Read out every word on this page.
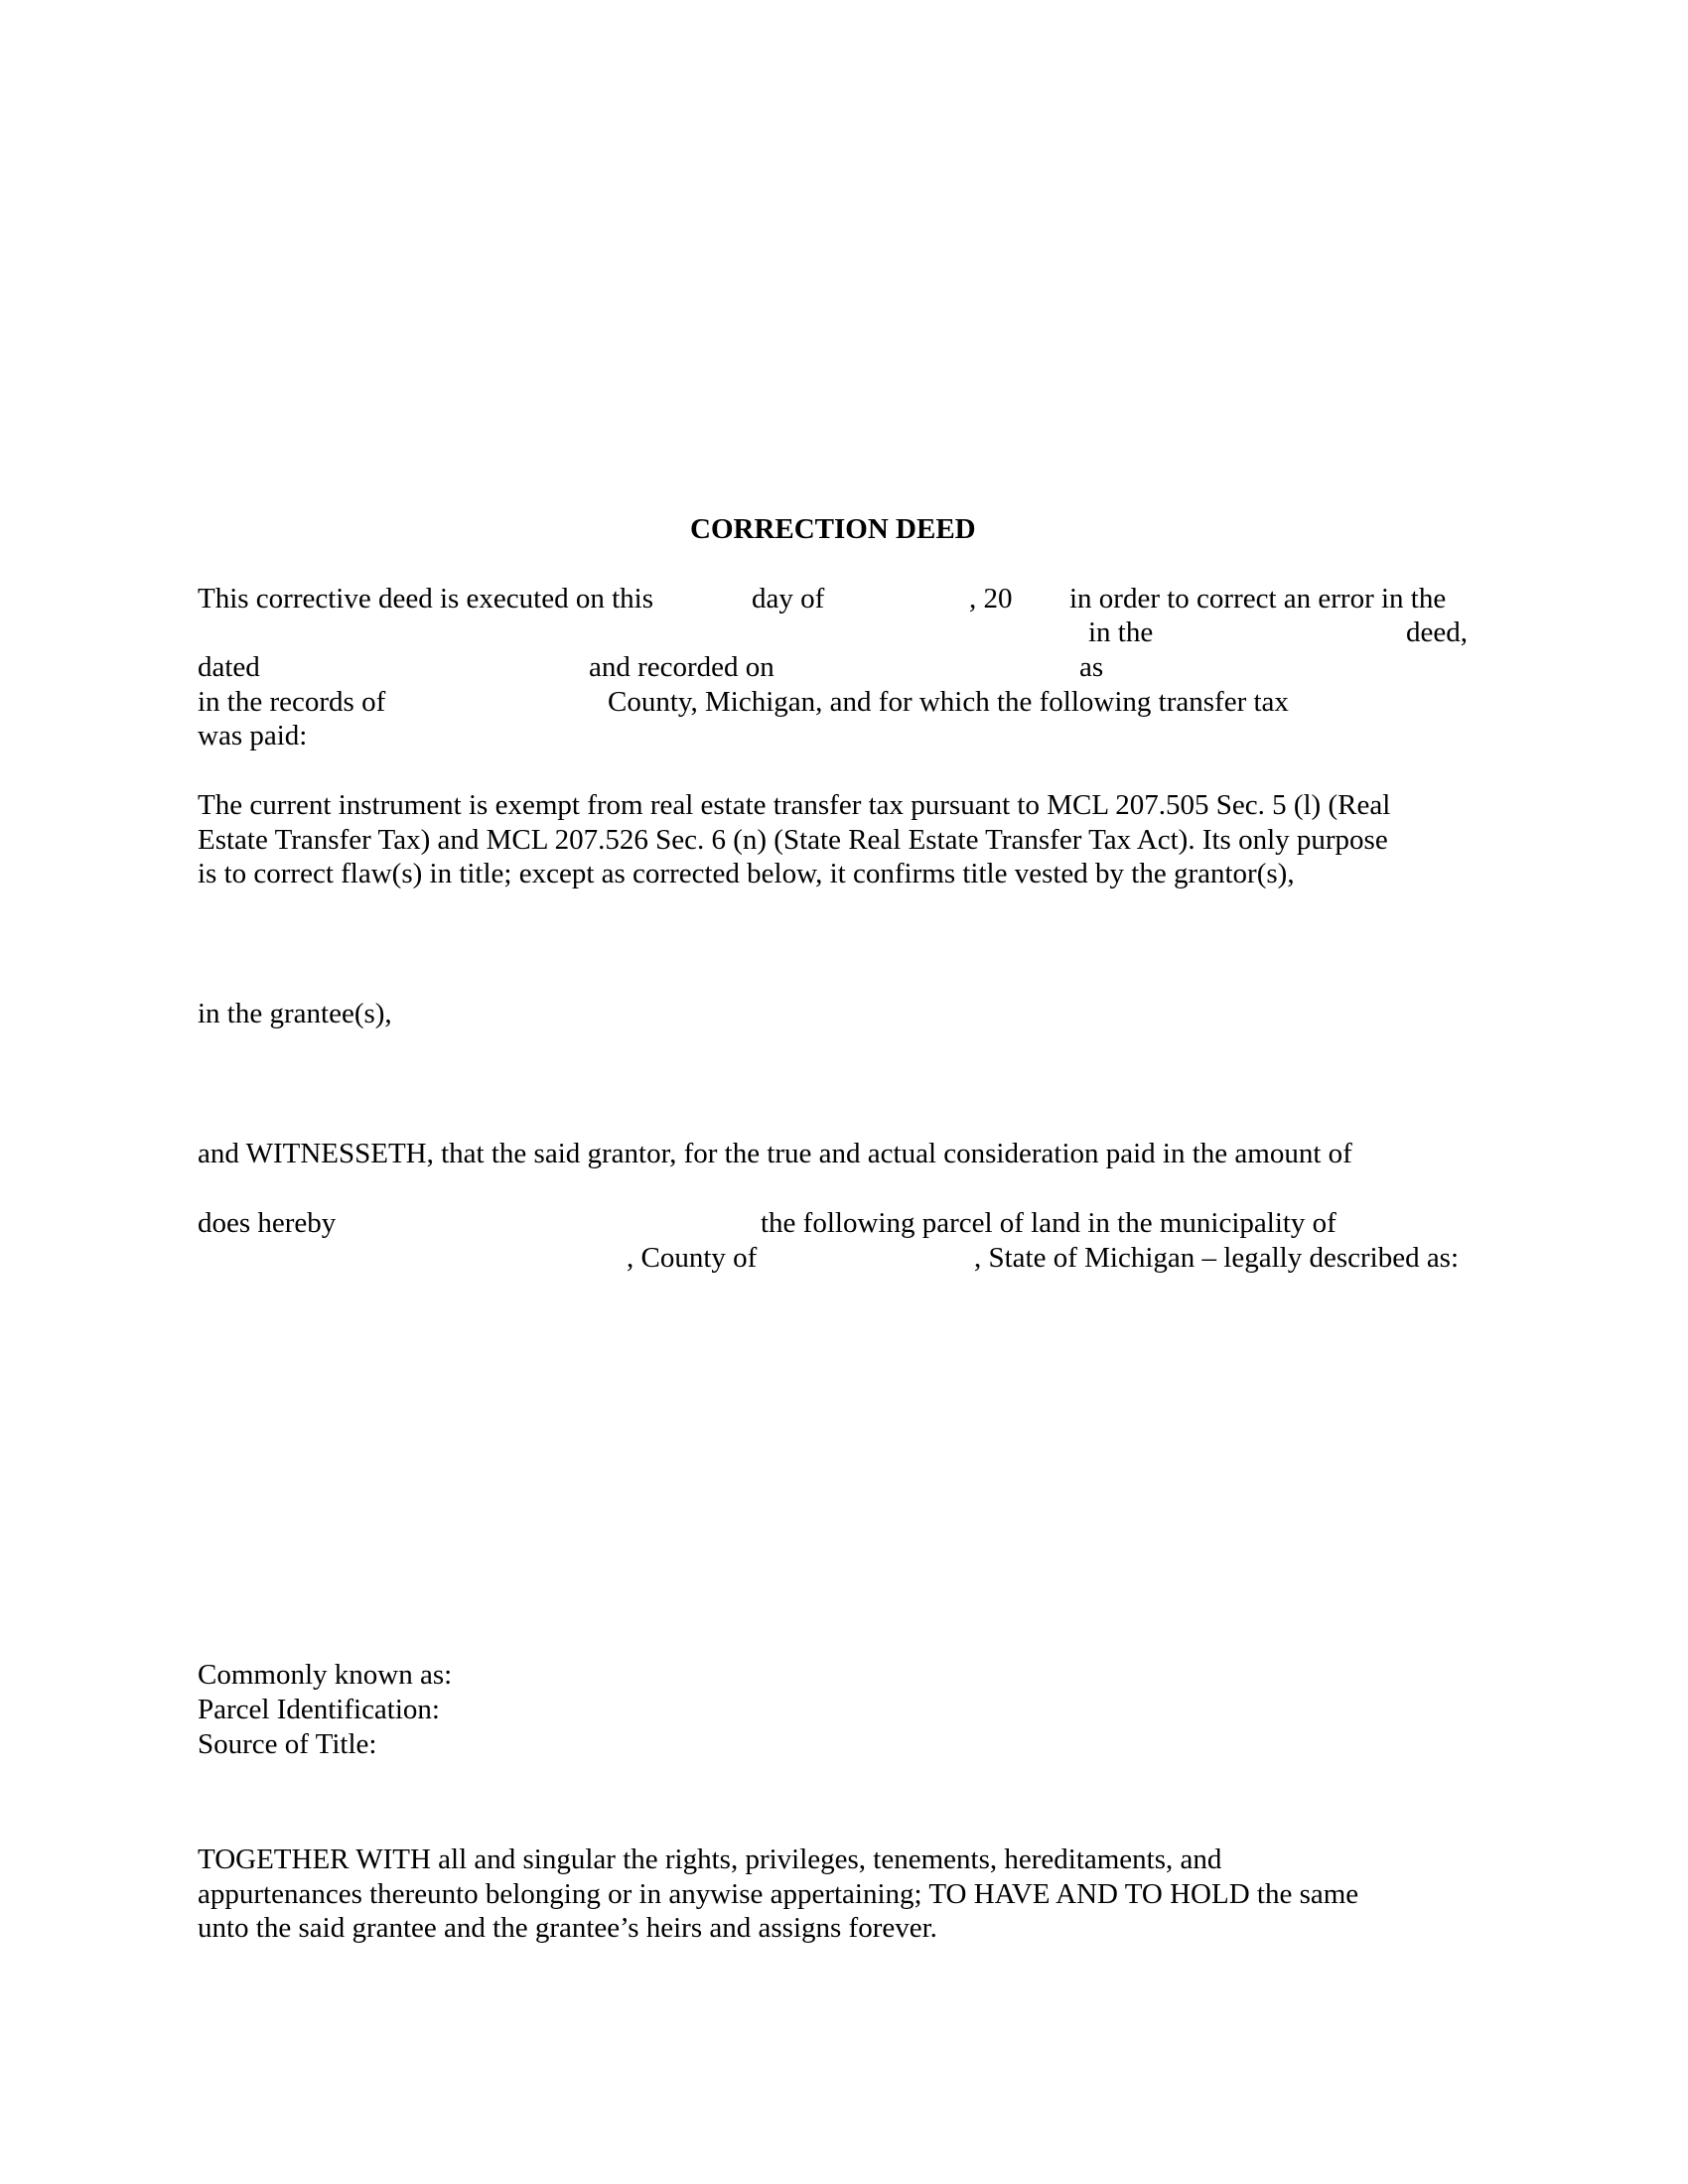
CORRECTION DEED
This corrective deed is executed on this	day of	, 20 in order to correct an error in the
in the	deed,
dated	and recorded on	as
in the records of	County, Michigan, and for which the following transfer tax
was paid:
The current instrument is exempt from real estate transfer tax pursuant to MCL 207.505 Sec. 5 (l) (Real
Estate Transfer Tax) and MCL 207.526 Sec. 6 (n) (State Real Estate Transfer Tax Act). Its only purpose
is to correct flaw(s) in title; except as corrected below, it confirms title vested by the grantor(s),
in the grantee(s),
and WITNESSETH, that the said grantor, for the true and actual consideration paid in the amount of
does hereby	the following parcel of land in the municipality of
, County of	, State of Michigan – legally described as:
Commonly known as:
Parcel Identification:
Source of Title:
TOGETHER WITH all and singular the rights, privileges, tenements, hereditaments, and
appurtenances thereunto belonging or in anywise appertaining; TO HAVE AND TO HOLD the same
unto the said grantee and the grantee’s heirs and assigns forever.
